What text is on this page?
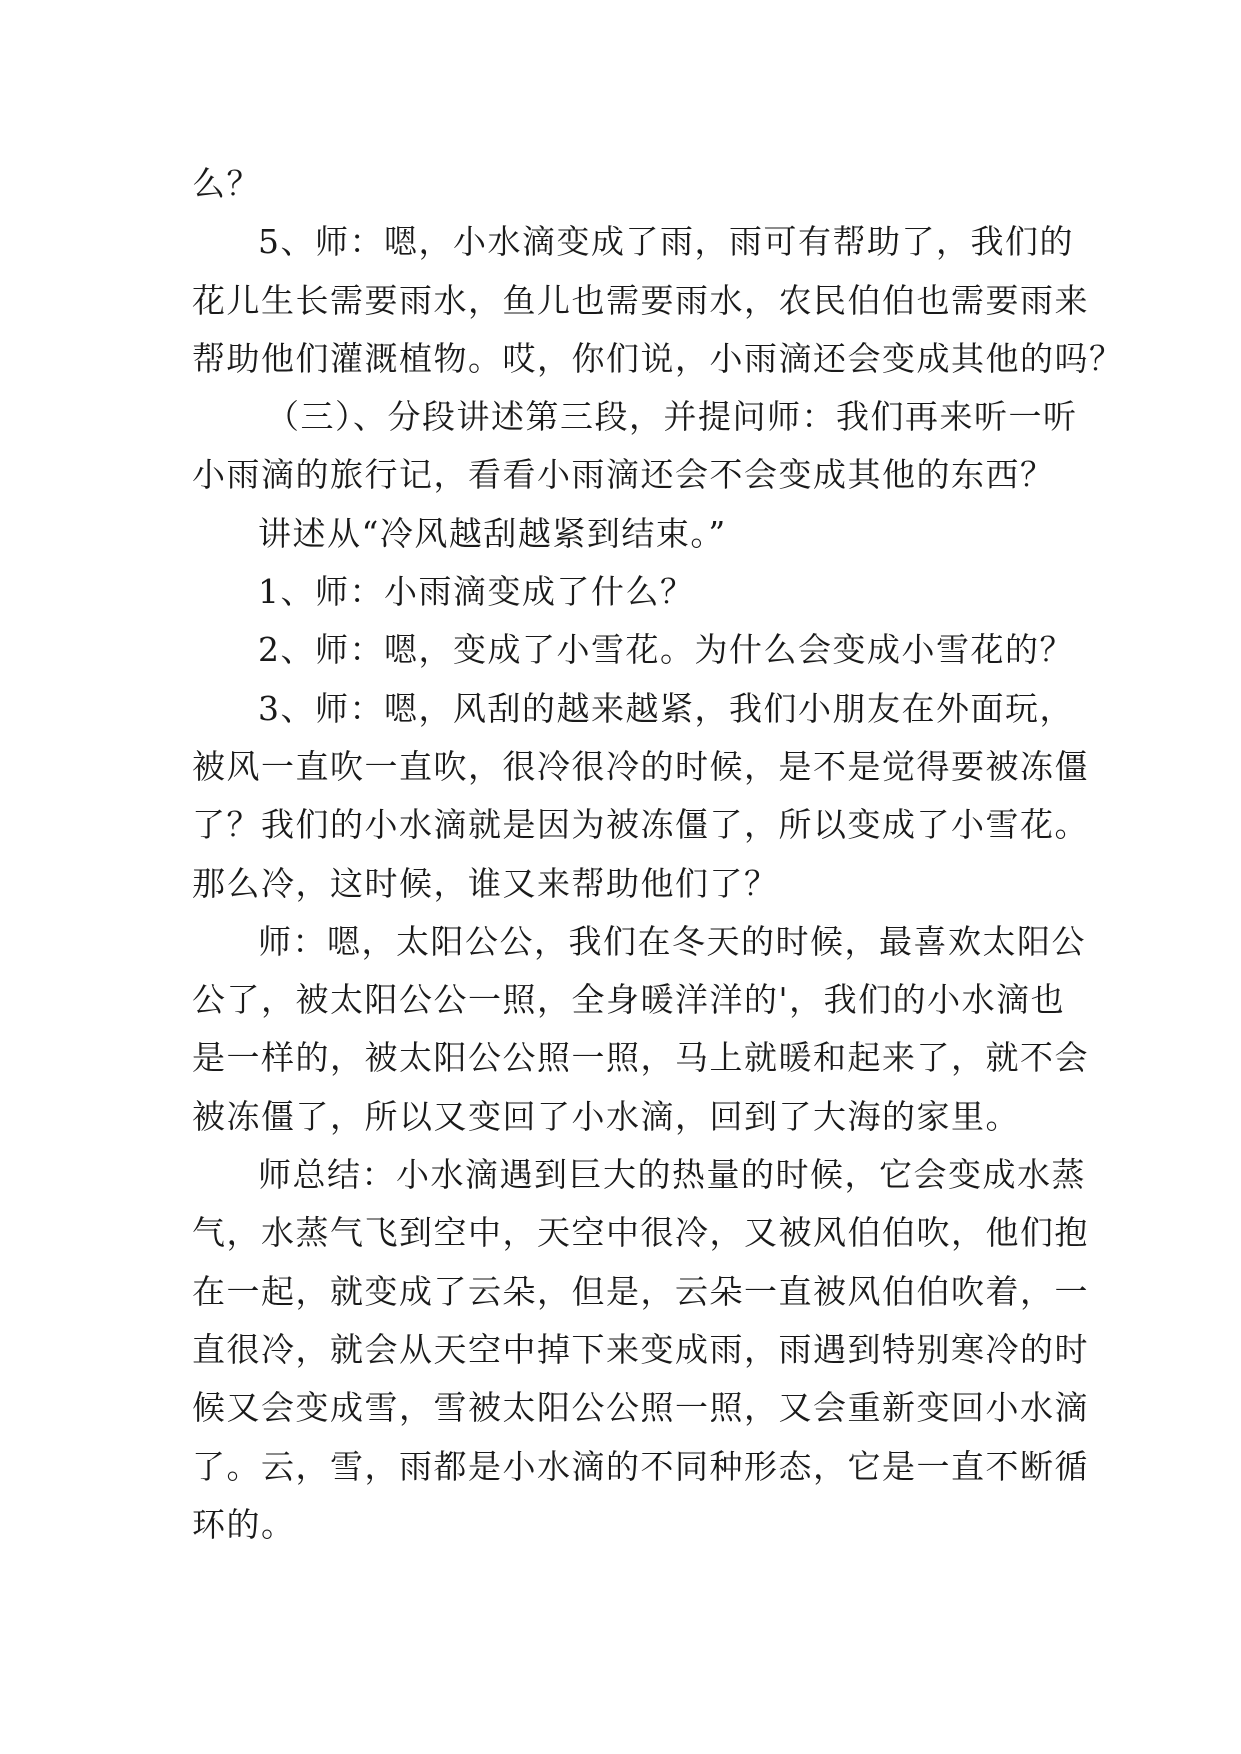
么？
5、师：嗯，小水滴变成了雨，雨可有帮助了，我们的
花儿生长需要雨水，鱼儿也需要雨水，农民伯伯也需要雨来
帮助他们灌溉植物。哎，你们说，小雨滴还会变成其他的吗？
（三）、分段讲述第三段，并提问师：我们再来听一听
小雨滴的旅行记，看看小雨滴还会不会变成其他的东西？
讲述从“冷风越刮越紧到结束。”
1、师：小雨滴变成了什么？
2、师：嗯，变成了小雪花。为什么会变成小雪花的？
3、师：嗯，风刮的越来越紧，我们小朋友在外面玩，
被风一直吹一直吹，很冷很冷的时候，是不是觉得要被冻僵
了？我们的小水滴就是因为被冻僵了，所以变成了小雪花。
那么冷，这时候，谁又来帮助他们了？
师：嗯，太阳公公，我们在冬天的时候，最喜欢太阳公
公了，被太阳公公一照，全身暖洋洋的'，我们的小水滴也
是一样的，被太阳公公照一照，马上就暖和起来了，就不会
被冻僵了，所以又变回了小水滴，回到了大海的家里。
师总结：小水滴遇到巨大的热量的时候，它会变成水蒸
气，水蒸气飞到空中，天空中很冷，又被风伯伯吹，他们抱
在一起，就变成了云朵，但是，云朵一直被风伯伯吹着，一
直很冷，就会从天空中掉下来变成雨，雨遇到特别寒冷的时
候又会变成雪，雪被太阳公公照一照，又会重新变回小水滴
了。云，雪，雨都是小水滴的不同种形态，它是一直不断循
环的。
